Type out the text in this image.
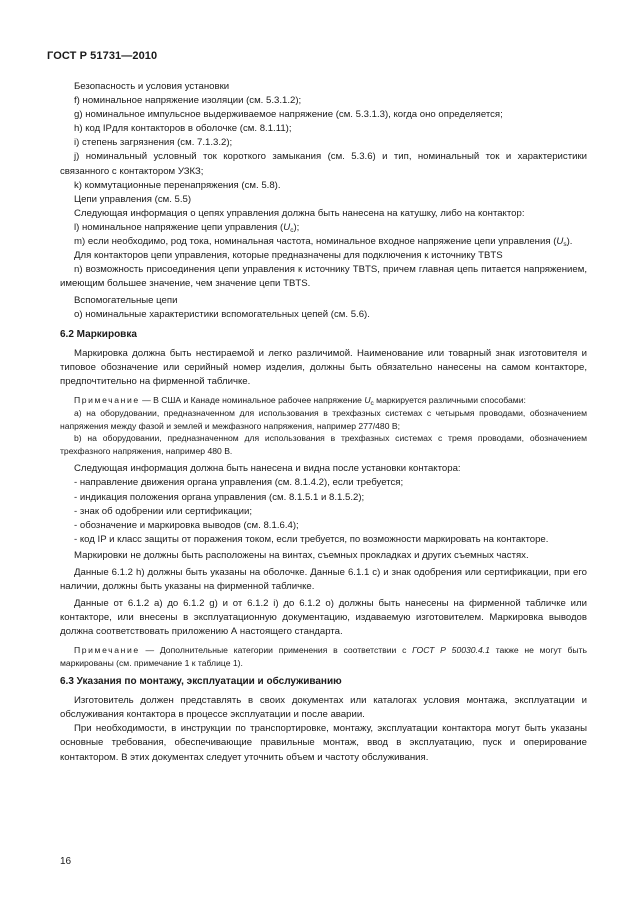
ГОСТ Р 51731—2010

Безопасность и условия установки

f) номинальное напряжение изоляции (см. 5.3.1.2);

g) номинальное импульсное выдерживаемое напряжение (см. 5.3.1.3), когда оно определяется;

h) код IPдля контакторов в оболочке (см. 8.1.11);

i) степень загрязнения (см. 7.1.3.2);

j) номинальный условный ток короткого замыкания (см. 5.3.6) и тип, номинальный ток и характеристики связанного с контактором УЗКЗ;

k) коммутационные перенапряжения (см. 5.8).

Цепи управления (см. 5.5)

Следующая информация о цепях управления должна быть нанесена на катушку, либо на контактор:

l) номинальное напряжение цепи управления $(U_c)$;

m) если необходимо, род тока, номинальная частота, номинальное входное напряжение цепи управления $(U_s)$.

Для контакторов цепи управления, которые предназначены для подключения к источнику TBTS

n) возможность присоединения цепи управления к источнику TBTS, причем главная цепь питается напряжением, имеющим большее значение, чем значение цепи TBTS.

Вспомогательные цепи

o) номинальные характеристики вспомогательных цепей (см. 5.6).

6.2 Маркировка

Маркировка должна быть нестираемой и легко различимой. Наименование или товарный знак изготовителя и типовое обозначение или серийный номер изделия, должны быть обязательно нанесены на самом контакторе, предпочтительно на фирменной табличке.

Примечание — В США и Канаде номинальное рабочее напряжение $U_c$ маркируется различными способами:

а) на оборудовании, предназначенном для использования в трехфазных системах с четырьмя проводами, обозначением напряжения между фазой и землей и межфазного напряжения, например 277/480 В;

b) на оборудовании, предназначенном для использования в трехфазных системах с тремя проводами, обозначением трехфазного напряжения, например 480 В.

Следующая информация должна быть нанесена и видна после установки контактора:

- направление движения органа управления (см. 8.1.4.2), если требуется;

- индикация положения органа управления (см. 8.1.5.1 и 8.1.5.2);

- знак об одобрении или сертификации;

- обозначение и маркировка выводов (см. 8.1.6.4);

- код IP и класс защиты от поражения током, если требуется, по возможности маркировать на контакторе.

Маркировки не должны быть расположены на винтах, съемных прокладках и других съемных частях.

Данные 6.1.2 h) должны быть указаны на оболочке. Данные 6.1.1 c) и знак одобрения или сертификации, при его наличии, должны быть указаны на фирменной табличке.

Данные от 6.1.2 a) до 6.1.2 g) и от 6.1.2 i) до 6.1.2 o) должны быть нанесены на фирменной табличке или контакторе, или внесены в эксплуатационную документацию, издаваемую изготовителем. Маркировка выводов должна соответствовать приложению А настоящего стандарта.

Примечание — Дополнительные категории применения в соответствии с ГОСТ Р 50030.4.1 также не могут быть маркированы (см. примечание 1 к таблице 1).

6.3 Указания по монтажу, эксплуатации и обслуживанию

Изготовитель должен представлять в своих документах или каталогах условия монтажа, эксплуатации и обслуживания контактора в процессе эксплуатации и после аварии.

При необходимости, в инструкции по транспортировке, монтажу, эксплуатации контактора могут быть указаны основные требования, обеспечивающие правильные монтаж, ввод в эксплуатацию, пуск и оперирование контактором. В этих документах следует уточнить объем и частоту обслуживания.

16
